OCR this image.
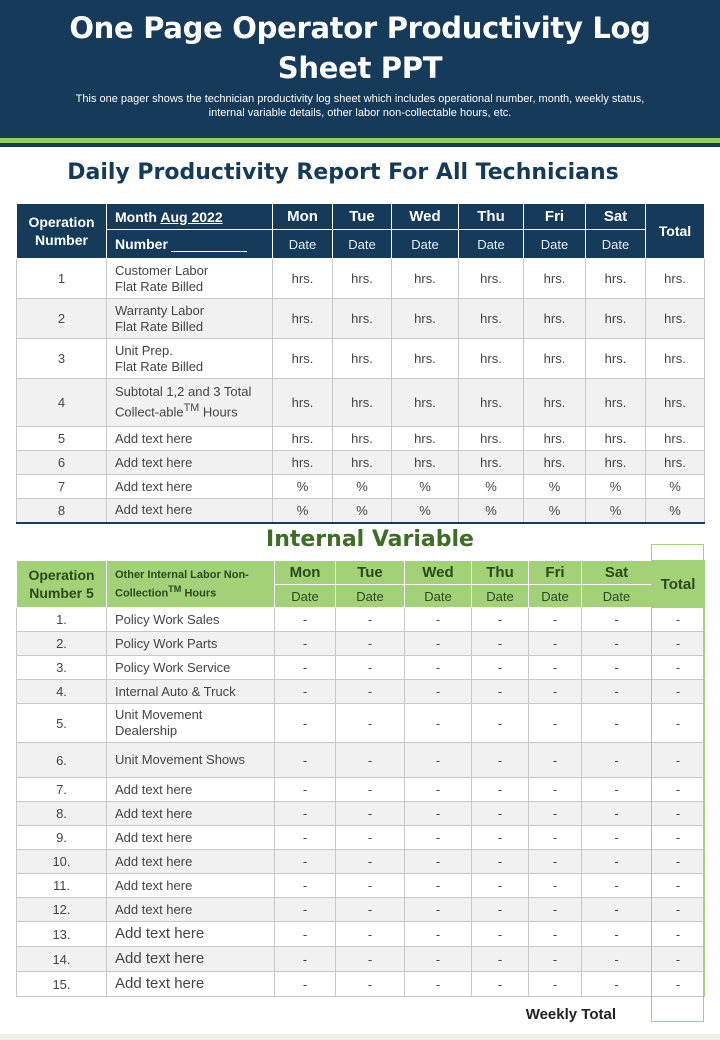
One Page Operator Productivity Log
Sheet PPT

This one pager shows the technician productivity log sheet which includes operational number, month, weekly status,
internal variable details, other labor non-collectable hours, etc.

Daily Productivity Report For All Technicians
Operation
Number	Month Aug 2022	Mon	Tue	Wed	Thu	Fri	Sat	Total
	Number	Date	Date	Date	Date	Date	Date	
1	Customer Labor
Flat Rate Billed	hrs.	hrs.	hrs.	hrs.	hrs.	hrs.	hrs.
2	Warranty Labor
Flat Rate Billed	hrs.	hrs.	hrs.	hrs.	hrs.	hrs.	hrs.
3	Unit Prep.
Flat Rate Billed	hrs.	hrs.	hrs.	hrs.	hrs.	hrs.	hrs.
4	Subtotal 1,2 and 3 Total
Collect-able™ Hours	hrs.	hrs.	hrs.	hrs.	hrs.	hrs.	hrs.
5	Add text here	hrs.	hrs.	hrs.	hrs.	hrs.	hrs.	hrs.
6	Add text here	hrs.	hrs.	hrs.	hrs.	hrs.	hrs.	hrs.
7	Add text here	%	%	%	%	%	%	%
8	Add text here	%	%	%	%	%	%	%
Internal Variable
Operation
Number 5	Other Internal Labor Non-
Collection™ Hours	Mon	Tue	Wed	Thu	Fri	Sat	Total
		Date	Date	Date	Date	Date	Date	
1.	Policy Work Sales	-	-	-	-	-	-	-
2.	Policy Work Parts	-	-	-	-	-	-	-
3.	Policy Work Service	-	-	-	-	-	-	-
4.	Internal Auto & Truck	-	-	-	-	-	-	-
5.	Unit Movement
Dealership	-	-	-	-	-	-	-
6.	Unit Movement Shows	-	-	-	-	-	-	-
7.	Add text here	-	-	-	-	-	-	-
8.	Add text here	-	-	-	-	-	-	-
9.	Add text here	-	-	-	-	-	-	-
10.	Add text here	-	-	-	-	-	-	-
11.	Add text here	-	-	-	-	-	-	-
12.	Add text here	-	-	-	-	-	-	-
13.	Add text here	-	-	-	-	-	-	-
14.	Add text here	-	-	-	-	-	-	-
15.	Add text here	-	-	-	-	-	-	-
Weekly Total
